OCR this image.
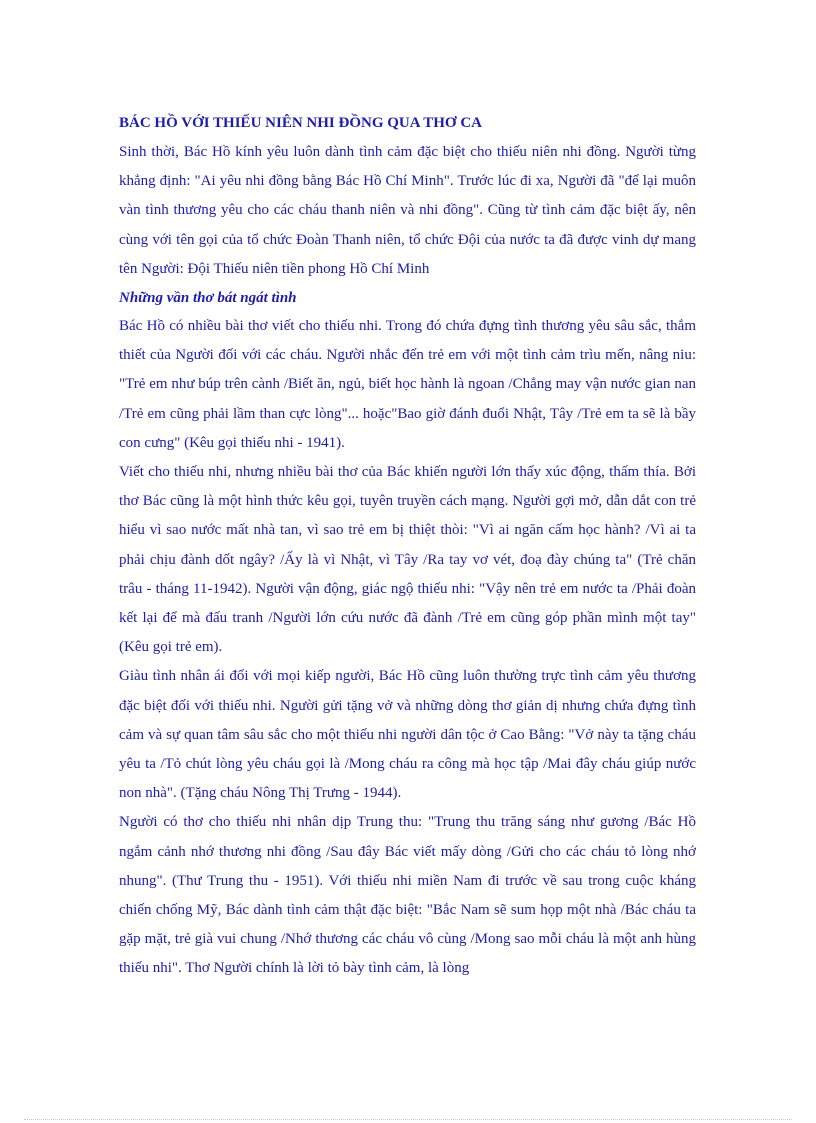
BÁC HỒ VỚI THIẾU NIÊN NHI ĐỒNG QUA THƠ CA

Sinh thời, Bác Hồ kính yêu luôn dành tình cảm đặc biệt cho thiếu niên nhi đồng. Người từng khẳng định: "Ai yêu nhi đồng bằng Bác Hồ Chí Minh". Trước lúc đi xa, Người đã "để lại muôn vàn tình thương yêu cho các cháu thanh niên và nhi đồng". Cũng từ tình cảm đặc biệt ấy, nên cùng với tên gọi của tổ chức Đoàn Thanh niên, tổ chức Đội của nước ta đã được vinh dự mang tên Người: Đội Thiếu niên tiền phong Hồ Chí Minh

Những vần thơ bát ngát tình

Bác Hồ có nhiều bài thơ viết cho thiếu nhi. Trong đó chứa đựng tình thương yêu sâu sắc, thắm thiết của Người đối với các cháu. Người nhắc đến trẻ em với một tình cảm trìu mến, nâng niu: "Trẻ em như búp trên cành /Biết ăn, ngủ, biết học hành là ngoan /Chẳng may vận nước gian nan /Trẻ em cũng phải lầm than cực lòng"... hoặc"Bao giờ đánh đuổi Nhật, Tây /Trẻ em ta sẽ là bầy con cưng" (Kêu gọi thiếu nhi - 1941).

Viết cho thiếu nhi, nhưng nhiều bài thơ của Bác khiến người lớn thấy xúc động, thấm thía. Bởi thơ Bác cũng là một hình thức kêu gọi, tuyên truyền cách mạng. Người gợi mở, dẫn dắt con trẻ hiểu vì sao nước mất nhà tan, vì sao trẻ em bị thiệt thòi: "Vì ai ngăn cấm học hành? /Vì ai ta phải chịu đành dốt ngây? /Ấy là vì Nhật, vì Tây /Ra tay vơ vét, đoạ đày chúng ta" (Trẻ chăn trâu - tháng 11-1942). Người vận động, giác ngộ thiếu nhi: "Vậy nên trẻ em nước ta /Phải đoàn kết lại để mà đấu tranh /Người lớn cứu nước đã đành /Trẻ em cũng góp phần mình một tay" (Kêu gọi trẻ em).

Giàu tình nhân ái đối với mọi kiếp người, Bác Hồ cũng luôn thường trực tình cảm yêu thương đặc biệt đối với thiếu nhi. Người gửi tặng vở và những dòng thơ giản dị nhưng chứa đựng tình cảm và sự quan tâm sâu sắc cho một thiếu nhi người dân tộc ở Cao Bằng: "Vở này ta tặng cháu yêu ta /Tỏ chút lòng yêu cháu gọi là /Mong cháu ra công mà học tập /Mai đây cháu giúp nước non nhà". (Tặng cháu Nông Thị Trưng - 1944).

Người có thơ cho thiếu nhi nhân dịp Trung thu: "Trung thu trăng sáng như gương /Bác Hồ ngắm cảnh nhớ thương nhi đồng /Sau đây Bác viết mấy dòng /Gửi cho các cháu tỏ lòng nhớ nhung". (Thư Trung thu - 1951). Với thiếu nhi miền Nam đi trước về sau trong cuộc kháng chiến chống Mỹ, Bác dành tình cảm thật đặc biệt: "Bắc Nam sẽ sum họp một nhà /Bác cháu ta gặp mặt, trẻ già vui chung /Nhớ thương các cháu vô cùng /Mong sao mỗi cháu là một anh hùng thiếu nhi". Thơ Người chính là lời tỏ bày tình cảm, là lòng
